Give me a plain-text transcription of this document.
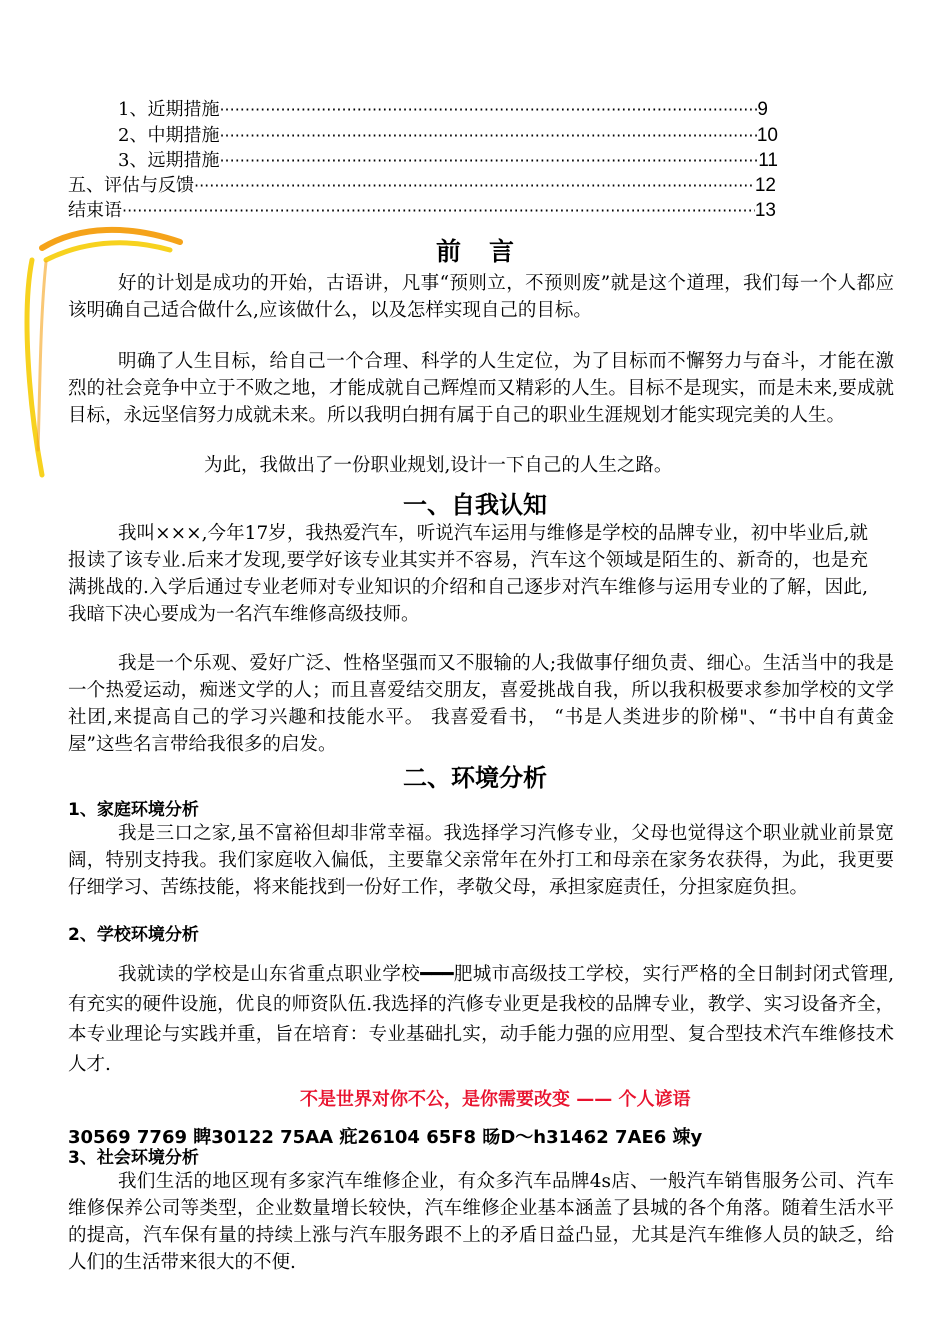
1、近期措施 ·····	9
2、中期措施 ·····	10
3、远期措施 ·····	11
五、评估与反馈 ·····	12
结束语 ·····	13
前言
好的计划是成功的开始，古语讲，凡事“预则立，不预则废”就是这个道理，我们每一个人都应该明确自己适合做什么,应该做什么，以及怎样实现自己的目标。
明确了人生目标，给自己一个合理、科学的人生定位，为了目标而不懈努力与奋斗，才能在激烈的社会竞争中立于不败之地，才能成就自己辉煌而又精彩的人生。目标不是现实，而是未来,要成就目标，永远坚信努力成就未来。所以我明白拥有属于自己的职业生涯规划才能实现完美的人生。
为此，我做出了一份职业规划,设计一下自己的人生之路。
一、自我认知
我叫×××,今年17岁，我热爱汽车，听说汽车运用与维修是学校的品牌专业，初中毕业后,就报读了该专业.后来才发现,要学好该专业其实并不容易，汽车这个领域是陌生的、新奇的，也是充满挑战的.入学后通过专业老师对专业知识的介绍和自己逐步对汽车维修与运用专业的了解，因此,我暗下决心要成为一名汽车维修高级技师。
我是一个乐观、爱好广泛、性格坚强而又不服输的人;我做事仔细负责、细心。生活当中的我是一个热爱运动，痴迷文学的人；而且喜爱结交朋友，喜爱挑战自我，所以我积极要求参加学校的文学社团,来提高自己的学习兴趣和技能水平。 我喜爱看书， “书是人类进步的阶梯"、“书中自有黄金屋”这些名言带给我很多的启发。
二、环境分析
1、家庭环境分析
我是三口之家,虽不富裕但却非常幸福。我选择学习汽修专业，父母也觉得这个职业就业前景宽阔，特别支持我。我们家庭收入偏低，主要靠父亲常年在外打工和母亲在家务农获得，为此，我更要仔细学习、苦练技能，将来能找到一份好工作，孝敬父母，承担家庭责任，分担家庭负担。
2、学校环境分析
我就读的学校是山东省重点职业学校━━━肥城市高级技工学校，实行严格的全日制封闭式管理,有充实的硬件设施，优良的师资队伍.我选择的汽修专业更是我校的品牌专业，教学、实习设备齐全，本专业理论与实践并重，旨在培育：专业基础扎实，动手能力强的应用型、复合型技术汽车维修技术人才.
不是世界对你不公，是你需要改变 —— 个人谚语
30569 7769 睥30122 75AA 疪26104 65F8 旸D～h31462 7AE6 竦y
3、社会环境分析
我们生活的地区现有多家汽车维修企业，有众多汽车品牌4s店、一般汽车销售服务公司、汽车维修保养公司等类型，企业数量增长较快，汽车维修企业基本涵盖了县城的各个角落。随着生活水平的提高，汽车保有量的持续上涨与汽车服务跟不上的矛盾日益凸显，尤其是汽车维修人员的缺乏，给人们的生活带来很大的不便.
